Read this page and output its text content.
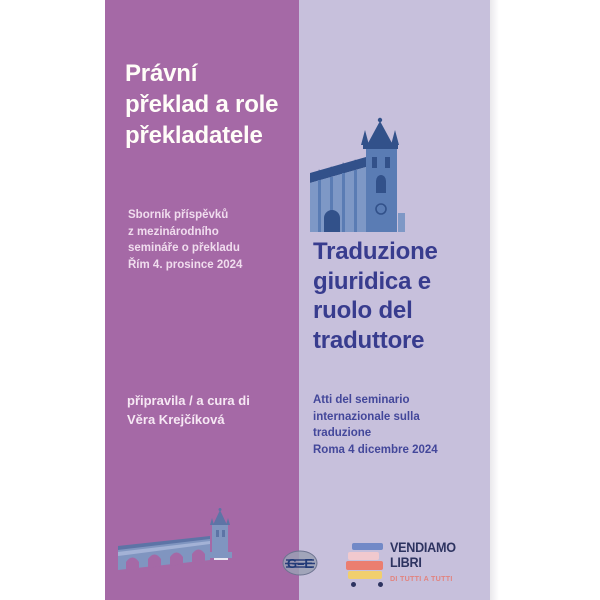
Právní
překlad a role
překladatele
Sborník příspěvků
z mezinárodního
semináře o překladu
Řím 4. prosince 2024
připravila / a cura di
Věra Krejčíková
Traduzione
giuridica e
ruolo del
traduttore
Atti del seminario
internazionale sulla
traduzione
Roma 4 dicembre 2024
G–E
VENDIAMO
LIBRI
DI TUTTI A TUTTI
